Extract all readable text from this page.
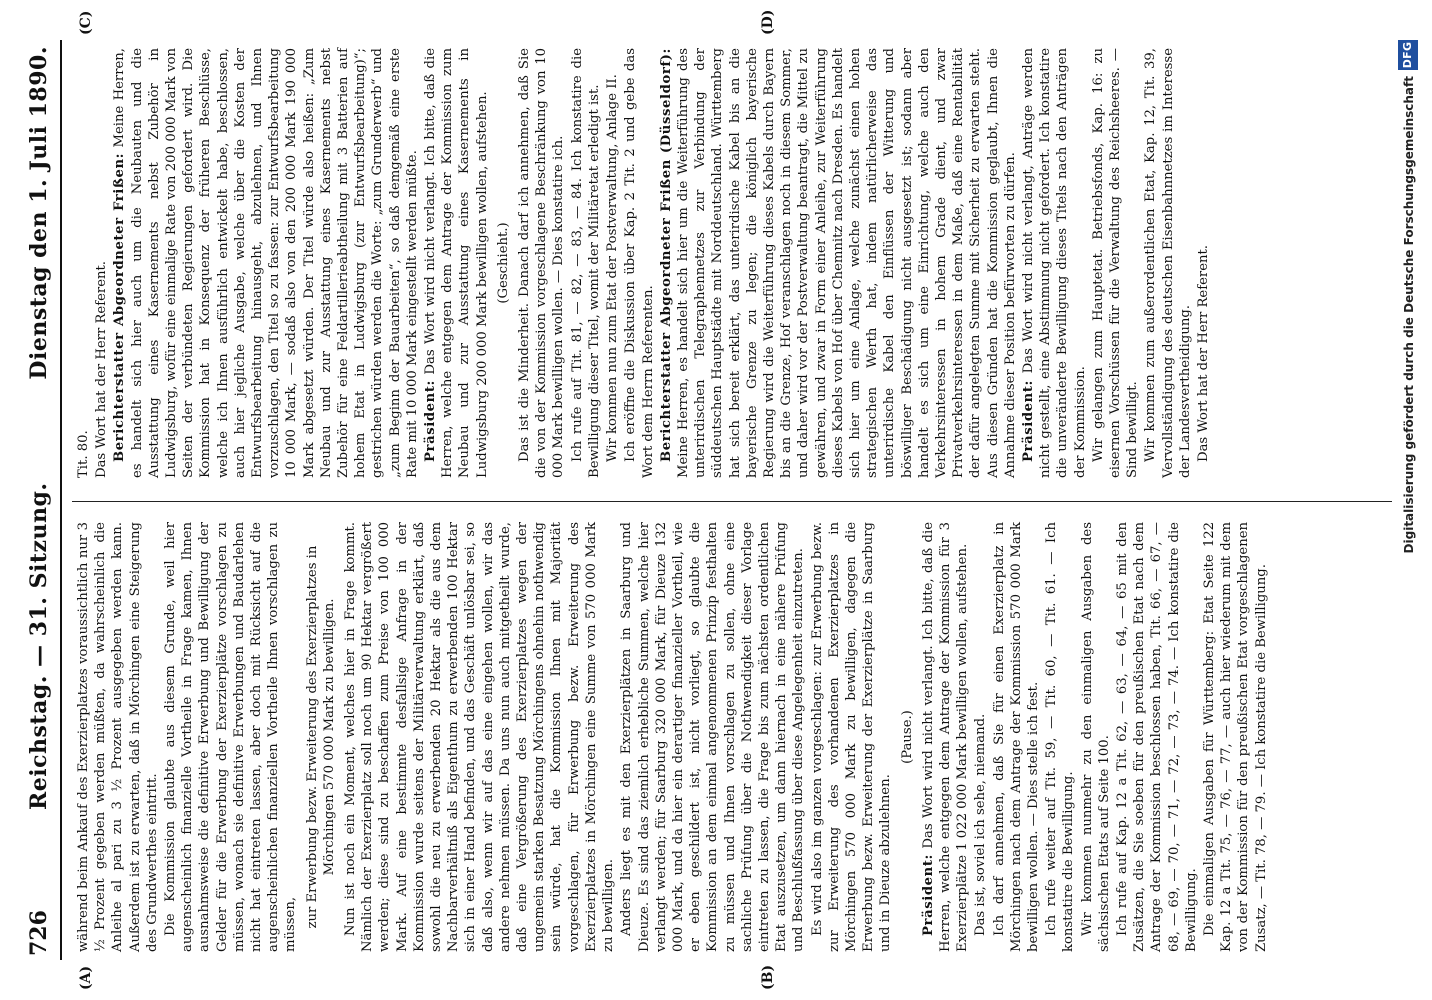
726
Reichstag. — 31. Sitzung.
Dienstag den 1. Juli 1890.
(A)	(B)
(C)	(D)

während beim Ankauf des Exerzierplatzes voraussichtlich nur 3 ½ Prozent gegeben werden müßten, da wahrscheinlich die Anleihe al pari zu 3 ½ Prozent ausgegeben werden kann. Außerdem ist zu erwarten, daß in Mörchingen eine Steigerung des Grundwerthes eintritt. Die Kommission glaubte aus diesem Grunde, weil hier augenscheinlich finanzielle Vortheile in Frage kamen, Ihnen ausnahmsweise die definitive Erwerbung und Bewilligung der Gelder für die Erwerbung der Exerzierplätze vorschlagen zu müssen, wonach sie definitive Erwerbungen und Baudarlehen nicht hat eintreten lassen, aber doch mit Rücksicht auf die augenscheinlichen finanziellen Vortheile Ihnen vorschlagen zu müssen, zur Erwerbung bezw. Erweiterung des Exerzierplatzes in Mörchingen 570 000 Mark zu bewilligen. Nun ist noch ein Moment, welches hier in Frage kommt. Nämlich der Exerzierplatz soll noch um 90 Hektar vergrößert werden; diese sind zu beschaffen zum Preise von 100 000 Mark. Auf eine bestimmte desfallsige Anfrage in der Kommission wurde seitens der Militärverwaltung erklärt, daß sowohl die neu zu erwerbenden 20 Hektar als die aus dem Nachbarverhältniß als Eigenthum zu erwerbenden 100 Hektar sich in einer Hand befinden, und das Geschäft unlösbar sei, so daß also, wenn wir auf das eine eingehen wollen, wir das andere nehmen müssen. Da uns nun auch mitgetheilt wurde, daß eine Vergrößerung des Exerzierplatzes wegen der ungemein starken Besatzung Mörchingens ohnehin nothwendig sein würde, hat die Kommission Ihnen mit Majorität vorgeschlagen, für Erwerbung bezw. Erweiterung des Exerzierplatzes in Mörchingen eine Summe von 570 000 Mark zu bewilligen. Anders liegt es mit den Exerzierplätzen in Saarburg und Dieuze. Es sind das ziemlich erhebliche Summen, welche hier verlangt werden; für Saarburg 320 000 Mark, für Dieuze 132 000 Mark, und da hier ein derartiger finanzieller Vortheil, wie er eben geschildert ist, nicht vorliegt, so glaubte die Kommission an dem einmal angenommenen Prinzip festhalten zu müssen und Ihnen vorschlagen zu sollen, ohne eine sachliche Prüfung über die Nothwendigkeit dieser Vorlage eintreten zu lassen, die Frage bis zum nächsten ordentlichen Etat auszusetzen, um dann hiernach in eine nähere Prüfung und Beschlußfassung über diese Angelegenheit einzutreten. Es wird also im ganzen vorgeschlagen: zur Erwerbung bezw. zur Erweiterung des vorhandenen Exerzierplatzes in Mörchingen 570 000 Mark zu bewilligen, dagegen die Erwerbung bezw. Erweiterung der Exerzierplätze in Saarburg und in Dieuze abzulehnen.

(Pause.)

Präsident: Das Wort wird nicht verlangt. Ich bitte, daß die Herren, welche entgegen dem Antrage der Kommission für 3 Exerzierplätze 1 022 000 Mark bewilligen wollen, aufstehen. Das ist, soviel ich sehe, niemand. Ich darf annehmen, daß Sie für einen Exerzierplatz in Mörchingen nach dem Antrage der Kommission 570 000 Mark bewilligen wollen. — Dies stelle ich fest. Ich rufe weiter auf Tit. 59, — Tit. 60, — Tit. 61. — Ich konstatire die Bewilligung. Wir kommen nunmehr zu den einmaligen Ausgaben des sächsischen Etats auf Seite 100. Ich rufe auf Kap. 12 a Tit. 62, — 63, — 64, — 65 mit den Zusätzen, die Sie soeben für den preußischen Etat nach dem Antrage der Kommission beschlossen haben, Tit. 66, — 67, — 68, — 69, — 70, — 71, — 72, — 73, — 74. — Ich konstatire die Bewilligung. Die einmaligen Ausgaben für Württemberg: Etat Seite 122 Kap. 12 a Tit. 75, — 76, — 77, — auch hier wiederum mit dem von der Kommission für den preußischen Etat vorgeschlagenen Zusatz, — Tit. 78, — 79. — Ich konstatire die Bewilligung.

Tit. 80. Das Wort hat der Herr Referent. Berichterstatter Abgeordneter Frißen: Meine Herren, es handelt sich hier auch um die Neubauten und die Ausstattung eines Kasernements nebst Zubehör in Ludwigsburg, wofür eine einmalige Rate von 200 000 Mark von Seiten der verbündeten Regierungen gefordert wird. Die Kommission hat in Konsequenz der früheren Beschlüsse, welche ich Ihnen ausführlich entwickelt habe, beschlossen, auch hier jegliche Ausgabe, welche über die Kosten der Entwurfsbearbeitung hinausgeht, abzulehnen, und Ihnen vorzuschlagen, den Titel so zu fassen: zur Entwurfsbearbeitung 10 000 Mark, — sodaß also von den 200 000 Mark 190 000 Mark abgesetzt würden. Der Titel würde also heißen: „Zum Neubau und zur Ausstattung eines Kasernements nebst Zubehör für eine Feldartillerieabtheilung mit 3 Batterien auf hohem Etat in Ludwigsburg (zur Entwurfsbearbeitung)“; gestrichen würden werden die Worte: „zum Grunderwerb“ und „zum Beginn der Bauarbeiten“, so daß demgemäß eine erste Rate mit 10 000 Mark eingestellt werden müßte. Präsident: Das Wort wird nicht verlangt. Ich bitte, daß die Herren, welche entgegen dem Antrage der Kommission zum Neubau und zur Ausstattung eines Kasernements in Ludwigsburg 200 000 Mark bewilligen wollen, aufstehen. (Geschieht.) Das ist die Minderheit. Danach darf ich annehmen, daß Sie die von der Kommission vorgeschlagene Beschränkung von 10 000 Mark bewilligen wollen. — Dies konstatire ich. Ich rufe auf Tit. 81, — 82, — 83, — 84. Ich konstatire die Bewilligung dieser Titel, womit der Militäretat erledigt ist. Wir kommen nun zum Etat der Postverwaltung, Anlage II. Ich eröffne die Diskussion über Kap. 2 Tit. 2 und gebe das Wort dem Herrn Referenten. Berichterstatter Abgeordneter Frißen (Düsseldorf): Meine Herren, es handelt sich hier um die Weiterführung des unterirdischen Telegraphennetzes zur Verbindung der süddeutschen Hauptstädte mit Norddeutschland. Württemberg hat sich bereit erklärt, das unterirdische Kabel bis an die bayerische Grenze zu legen; die königlich bayerische Regierung wird die Weiterführung dieses Kabels durch Bayern bis an die Grenze, Hof veranschlagen noch in diesem Sommer, und daher wird vor der Postverwaltung beantragt, die Mittel zu gewähren, und zwar in Form einer Anleihe, zur Weiterführung dieses Kabels von Hof über Chemnitz nach Dresden. Es handelt sich hier um eine Anlage, welche zunächst einen hohen strategischen Werth hat, indem natürlicherweise das unterirdische Kabel den Einflüssen der Witterung und böswilliger Beschädigung nicht ausgesetzt ist; sodann aber handelt es sich um eine Einrichtung, welche auch den Verkehrsinteressen in hohem Grade dient, und zwar Privatverkehrsinteressen in dem Maße, daß eine Rentabilität der dafür angelegten Summe mit Sicherheit zu erwarten steht. Aus diesen Gründen hat die Kommission geglaubt, Ihnen die Annahme dieser Position befürworten zu dürfen. Präsident: Das Wort wird nicht verlangt, Anträge werden nicht gestellt, eine Abstimmung nicht gefordert. Ich konstatire die unveränderte Bewilligung dieses Titels nach den Anträgen der Kommission. Wir gelangen zum Hauptetat. Betriebsfonds, Kap. 16: zu eisernen Vorschüssen für die Verwaltung des Reichsheeres. — Sind bewilligt. Wir kommen zum außerordentlichen Etat, Kap. 12, Tit. 39, Vervollständigung des deutschen Eisenbahnnetzes im Interesse der Landesvertheidigung. Das Wort hat der Herr Referent.	Digitalisierung gefördert durch die Deutsche Forschungsgemeinschaft
DFG
